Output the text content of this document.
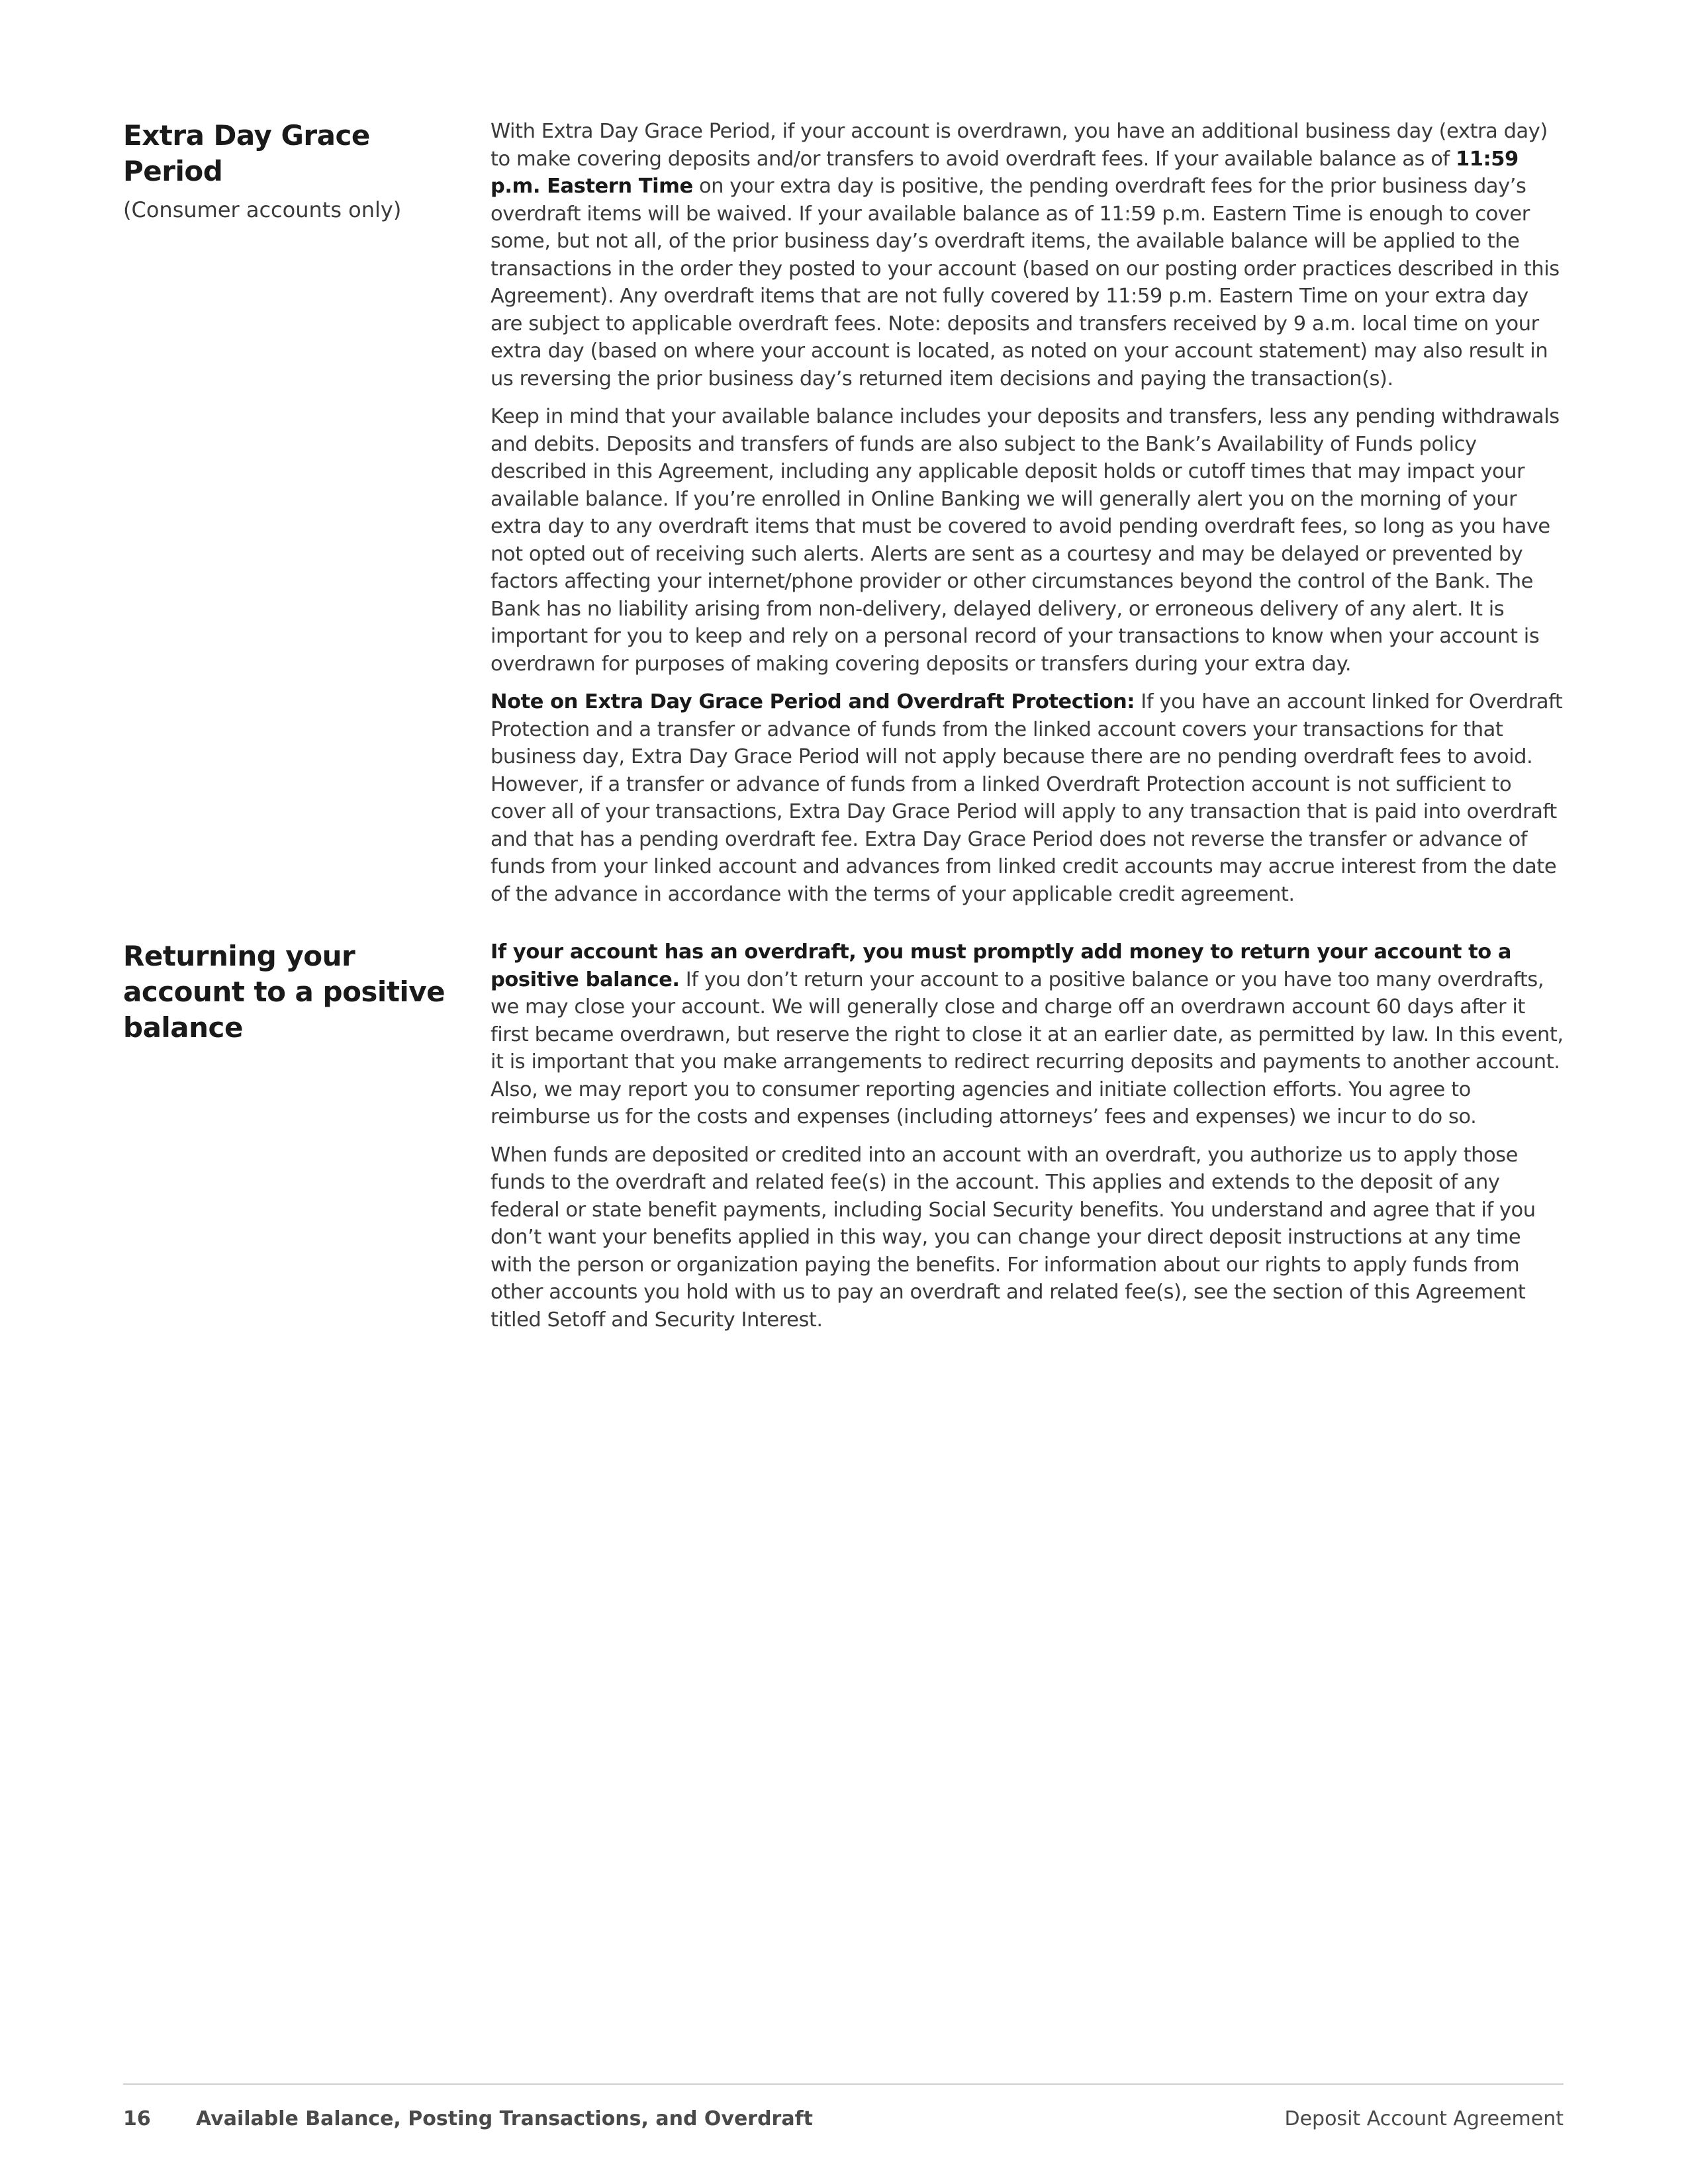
Extra Day Grace Period
(Consumer accounts only)

With Extra Day Grace Period, if your account is overdrawn, you have an additional business day (extra day) to make covering deposits and/or transfers to avoid overdraft fees. If your available balance as of 11:59 p.m. Eastern Time on your extra day is positive, the pending overdraft fees for the prior business day’s overdraft items will be waived. If your available balance as of 11:59 p.m. Eastern Time is enough to cover some, but not all, of the prior business day’s overdraft items, the available balance will be applied to the transactions in the order they posted to your account (based on our posting order practices described in this Agreement). Any overdraft items that are not fully covered by 11:59 p.m. Eastern Time on your extra day are subject to applicable overdraft fees. Note: deposits and transfers received by 9 a.m. local time on your extra day (based on where your account is located, as noted on your account statement) may also result in us reversing the prior business day’s returned item decisions and paying the transaction(s).

Keep in mind that your available balance includes your deposits and transfers, less any pending withdrawals and debits. Deposits and transfers of funds are also subject to the Bank’s Availability of Funds policy described in this Agreement, including any applicable deposit holds or cutoff times that may impact your available balance. If you’re enrolled in Online Banking we will generally alert you on the morning of your extra day to any overdraft items that must be covered to avoid pending overdraft fees, so long as you have not opted out of receiving such alerts. Alerts are sent as a courtesy and may be delayed or prevented by factors affecting your internet/phone provider or other circumstances beyond the control of the Bank. The Bank has no liability arising from non-delivery, delayed delivery, or erroneous delivery of any alert. It is important for you to keep and rely on a personal record of your transactions to know when your account is overdrawn for purposes of making covering deposits or transfers during your extra day.

Note on Extra Day Grace Period and Overdraft Protection: If you have an account linked for Overdraft Protection and a transfer or advance of funds from the linked account covers your transactions for that business day, Extra Day Grace Period will not apply because there are no pending overdraft fees to avoid. However, if a transfer or advance of funds from a linked Overdraft Protection account is not sufficient to cover all of your transactions, Extra Day Grace Period will apply to any transaction that is paid into overdraft and that has a pending overdraft fee. Extra Day Grace Period does not reverse the transfer or advance of funds from your linked account and advances from linked credit accounts may accrue interest from the date of the advance in accordance with the terms of your applicable credit agreement.

Returning your account to a positive balance

If your account has an overdraft, you must promptly add money to return your account to a positive balance. If you don’t return your account to a positive balance or you have too many overdrafts, we may close your account. We will generally close and charge off an overdrawn account 60 days after it first became overdrawn, but reserve the right to close it at an earlier date, as permitted by law. In this event, it is important that you make arrangements to redirect recurring deposits and payments to another account. Also, we may report you to consumer reporting agencies and initiate collection efforts. You agree to reimburse us for the costs and expenses (including attorneys’ fees and expenses) we incur to do so.

When funds are deposited or credited into an account with an overdraft, you authorize us to apply those funds to the overdraft and related fee(s) in the account. This applies and extends to the deposit of any federal or state benefit payments, including Social Security benefits. You understand and agree that if you don’t want your benefits applied in this way, you can change your direct deposit instructions at any time with the person or organization paying the benefits. For information about our rights to apply funds from other accounts you hold with us to pay an overdraft and related fee(s), see the section of this Agreement titled Setoff and Security Interest.

16 Available Balance, Posting Transactions, and Overdraft	Deposit Account Agreement
